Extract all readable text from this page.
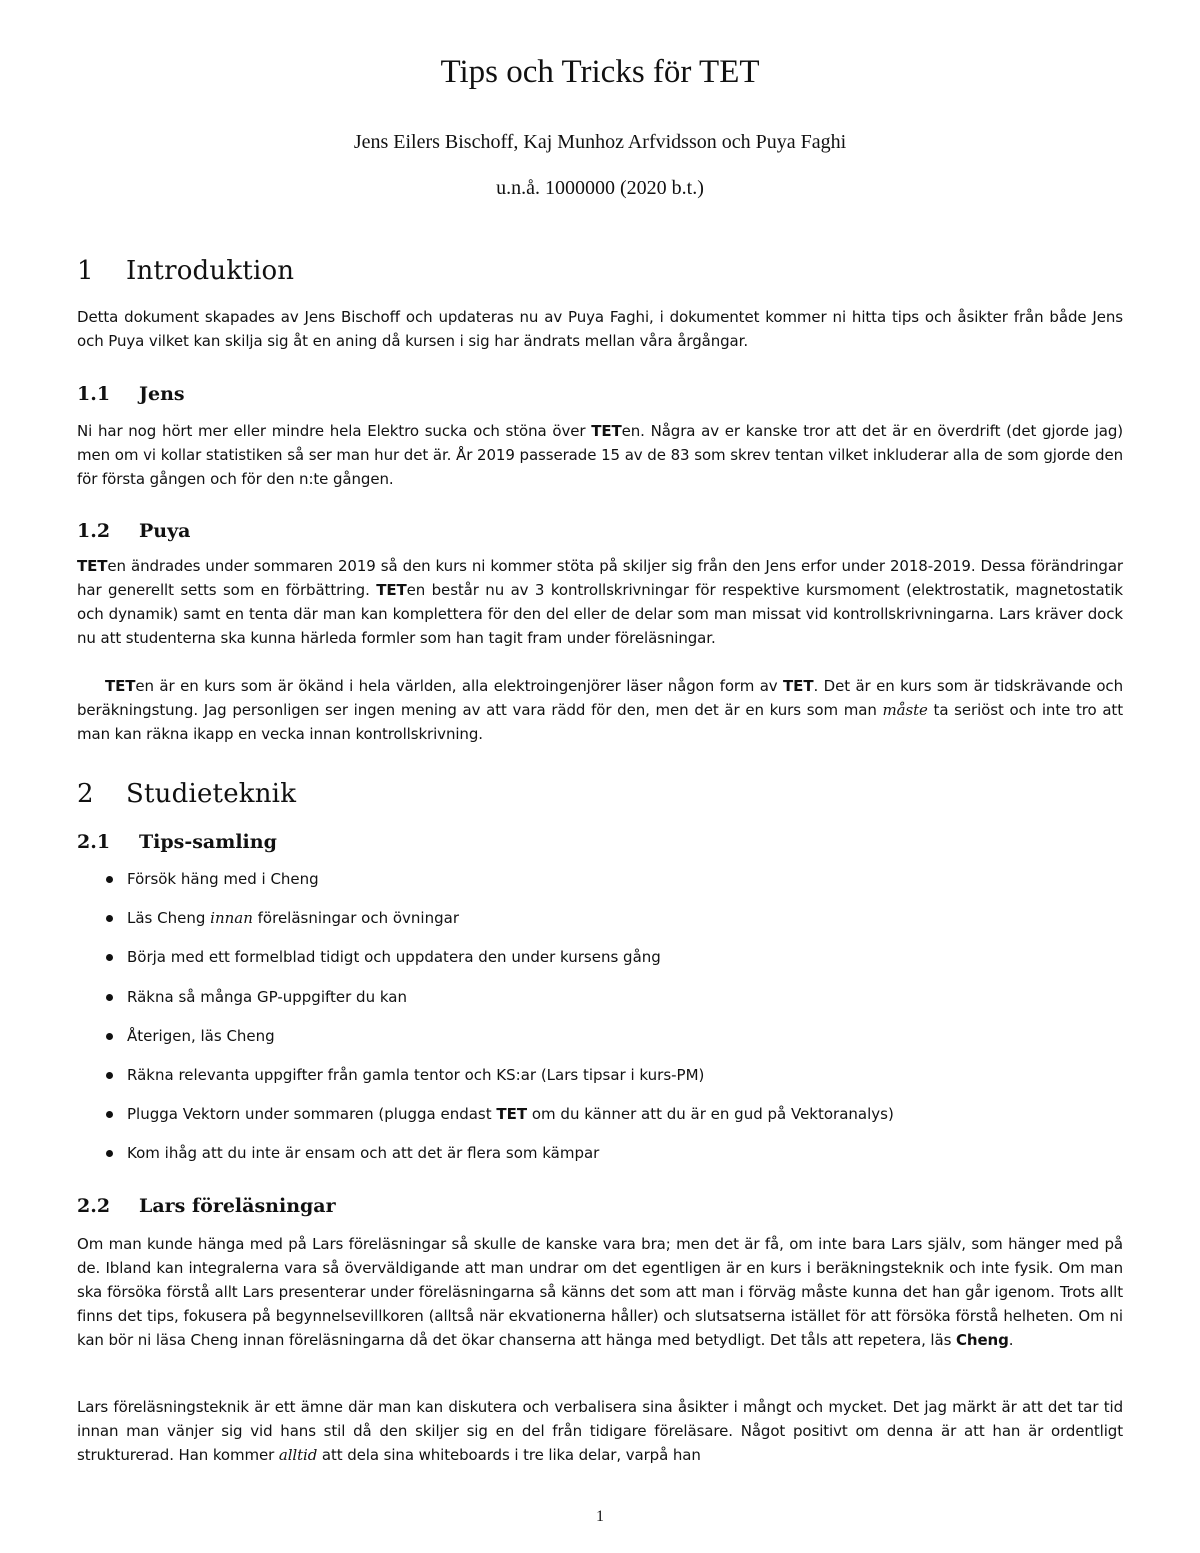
Tips och Tricks för TET
Jens Eilers Bischoff, Kaj Munhoz Arfvidsson och Puya Faghi
u.n.å. 1000000 (2020 b.t.)
1 Introduktion
Detta dokument skapades av Jens Bischoff och updateras nu av Puya Faghi, i dokumentet kommer ni hitta tips och åsikter från både Jens och Puya vilket kan skilja sig åt en aning då kursen i sig har ändrats mellan våra årgångar.
1.1 Jens
Ni har nog hört mer eller mindre hela Elektro sucka och stöna över TETen. Några av er kanske tror att det är en överdrift (det gjorde jag) men om vi kollar statistiken så ser man hur det är. År 2019 passerade 15 av de 83 som skrev tentan vilket inkluderar alla de som gjorde den för första gången och för den n:te gången.
1.2 Puya
TETen ändrades under sommaren 2019 så den kurs ni kommer stöta på skiljer sig från den Jens erfor under 2018-2019. Dessa förändringar har generellt setts som en förbättring. TETen består nu av 3 kontrollskrivningar för respektive kursmoment (elektrostatik, magnetostatik och dynamik) samt en tenta där man kan komplettera för den del eller de delar som man missat vid kontrollskrivningarna. Lars kräver dock nu att studenterna ska kunna härleda formler som han tagit fram under föreläsningar.
TETen är en kurs som är ökänd i hela världen, alla elektroingenjörer läser någon form av TET. Det är en kurs som är tidskrävande och beräkningstung. Jag personligen ser ingen mening av att vara rädd för den, men det är en kurs som man måste ta seriöst och inte tro att man kan räkna ikapp en vecka innan kontrollskrivning.
2 Studieteknik
2.1 Tips-samling
Försök häng med i Cheng
Läs Cheng innan föreläsningar och övningar
Börja med ett formelblad tidigt och uppdatera den under kursens gång
Räkna så många GP-uppgifter du kan
Återigen, läs Cheng
Räkna relevanta uppgifter från gamla tentor och KS:ar (Lars tipsar i kurs-PM)
Plugga Vektorn under sommaren (plugga endast TET om du känner att du är en gud på Vektoranalys)
Kom ihåg att du inte är ensam och att det är flera som kämpar
2.2 Lars föreläsningar
Om man kunde hänga med på Lars föreläsningar så skulle de kanske vara bra; men det är få, om inte bara Lars själv, som hänger med på de. Ibland kan integralerna vara så överväldigande att man undrar om det egentligen är en kurs i beräkningsteknik och inte fysik. Om man ska försöka förstå allt Lars presenterar under föreläsningarna så känns det som att man i förväg måste kunna det han går igenom. Trots allt finns det tips, fokusera på begynnelsevillkoren (alltså när ekvationerna håller) och slutsatserna istället för att försöka förstå helheten. Om ni kan bör ni läsa Cheng innan föreläsningarna då det ökar chanserna att hänga med betydligt. Det tåls att repetera, läs Cheng.
Lars föreläsningsteknik är ett ämne där man kan diskutera och verbalisera sina åsikter i mångt och mycket. Det jag märkt är att det tar tid innan man vänjer sig vid hans stil då den skiljer sig en del från tidigare föreläsare. Något positivt om denna är att han är ordentligt strukturerad. Han kommer alltid att dela sina whiteboards i tre lika delar, varpå han
1
